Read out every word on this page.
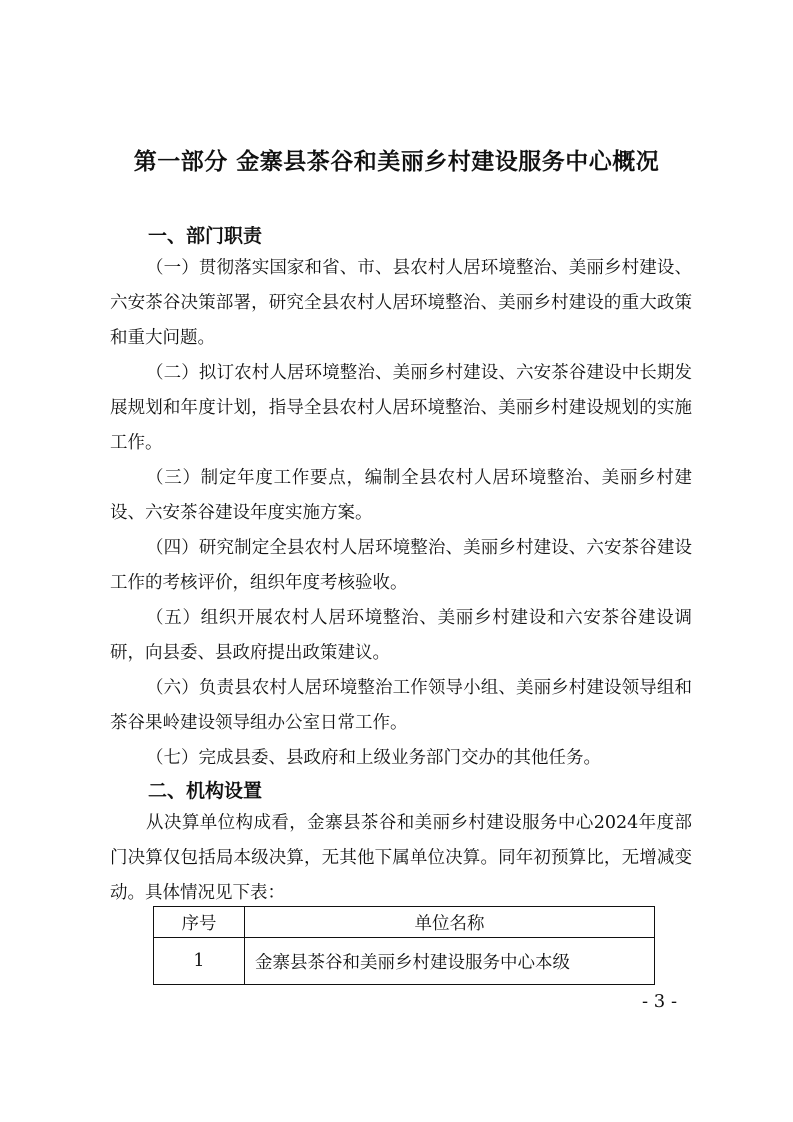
第一部分 金寨县茶谷和美丽乡村建设服务中心概况
一、部门职责

（一）贯彻落实国家和省、市、县农村人居环境整治、美丽乡村建设、六安茶谷决策部署，研究全县农村人居环境整治、美丽乡村建设的重大政策和重大问题。

（二）拟订农村人居环境整治、美丽乡村建设、六安茶谷建设中长期发展规划和年度计划，指导全县农村人居环境整治、美丽乡村建设规划的实施工作。

（三）制定年度工作要点，编制全县农村人居环境整治、美丽乡村建设、六安茶谷建设年度实施方案。

（四）研究制定全县农村人居环境整治、美丽乡村建设、六安茶谷建设工作的考核评价，组织年度考核验收。

（五）组织开展农村人居环境整治、美丽乡村建设和六安茶谷建设调研，向县委、县政府提出政策建议。

（六）负责县农村人居环境整治工作领导小组、美丽乡村建设领导组和茶谷果岭建设领导组办公室日常工作。

（七）完成县委、县政府和上级业务部门交办的其他任务。

二、机构设置

从决算单位构成看，金寨县茶谷和美丽乡村建设服务中心2024年度部门决算仅包括局本级决算，无其他下属单位决算。同年初预算比，无增减变动。具体情况见下表：

序号	单位名称
1	金寨县茶谷和美丽乡村建设服务中心本级
- 3 -
